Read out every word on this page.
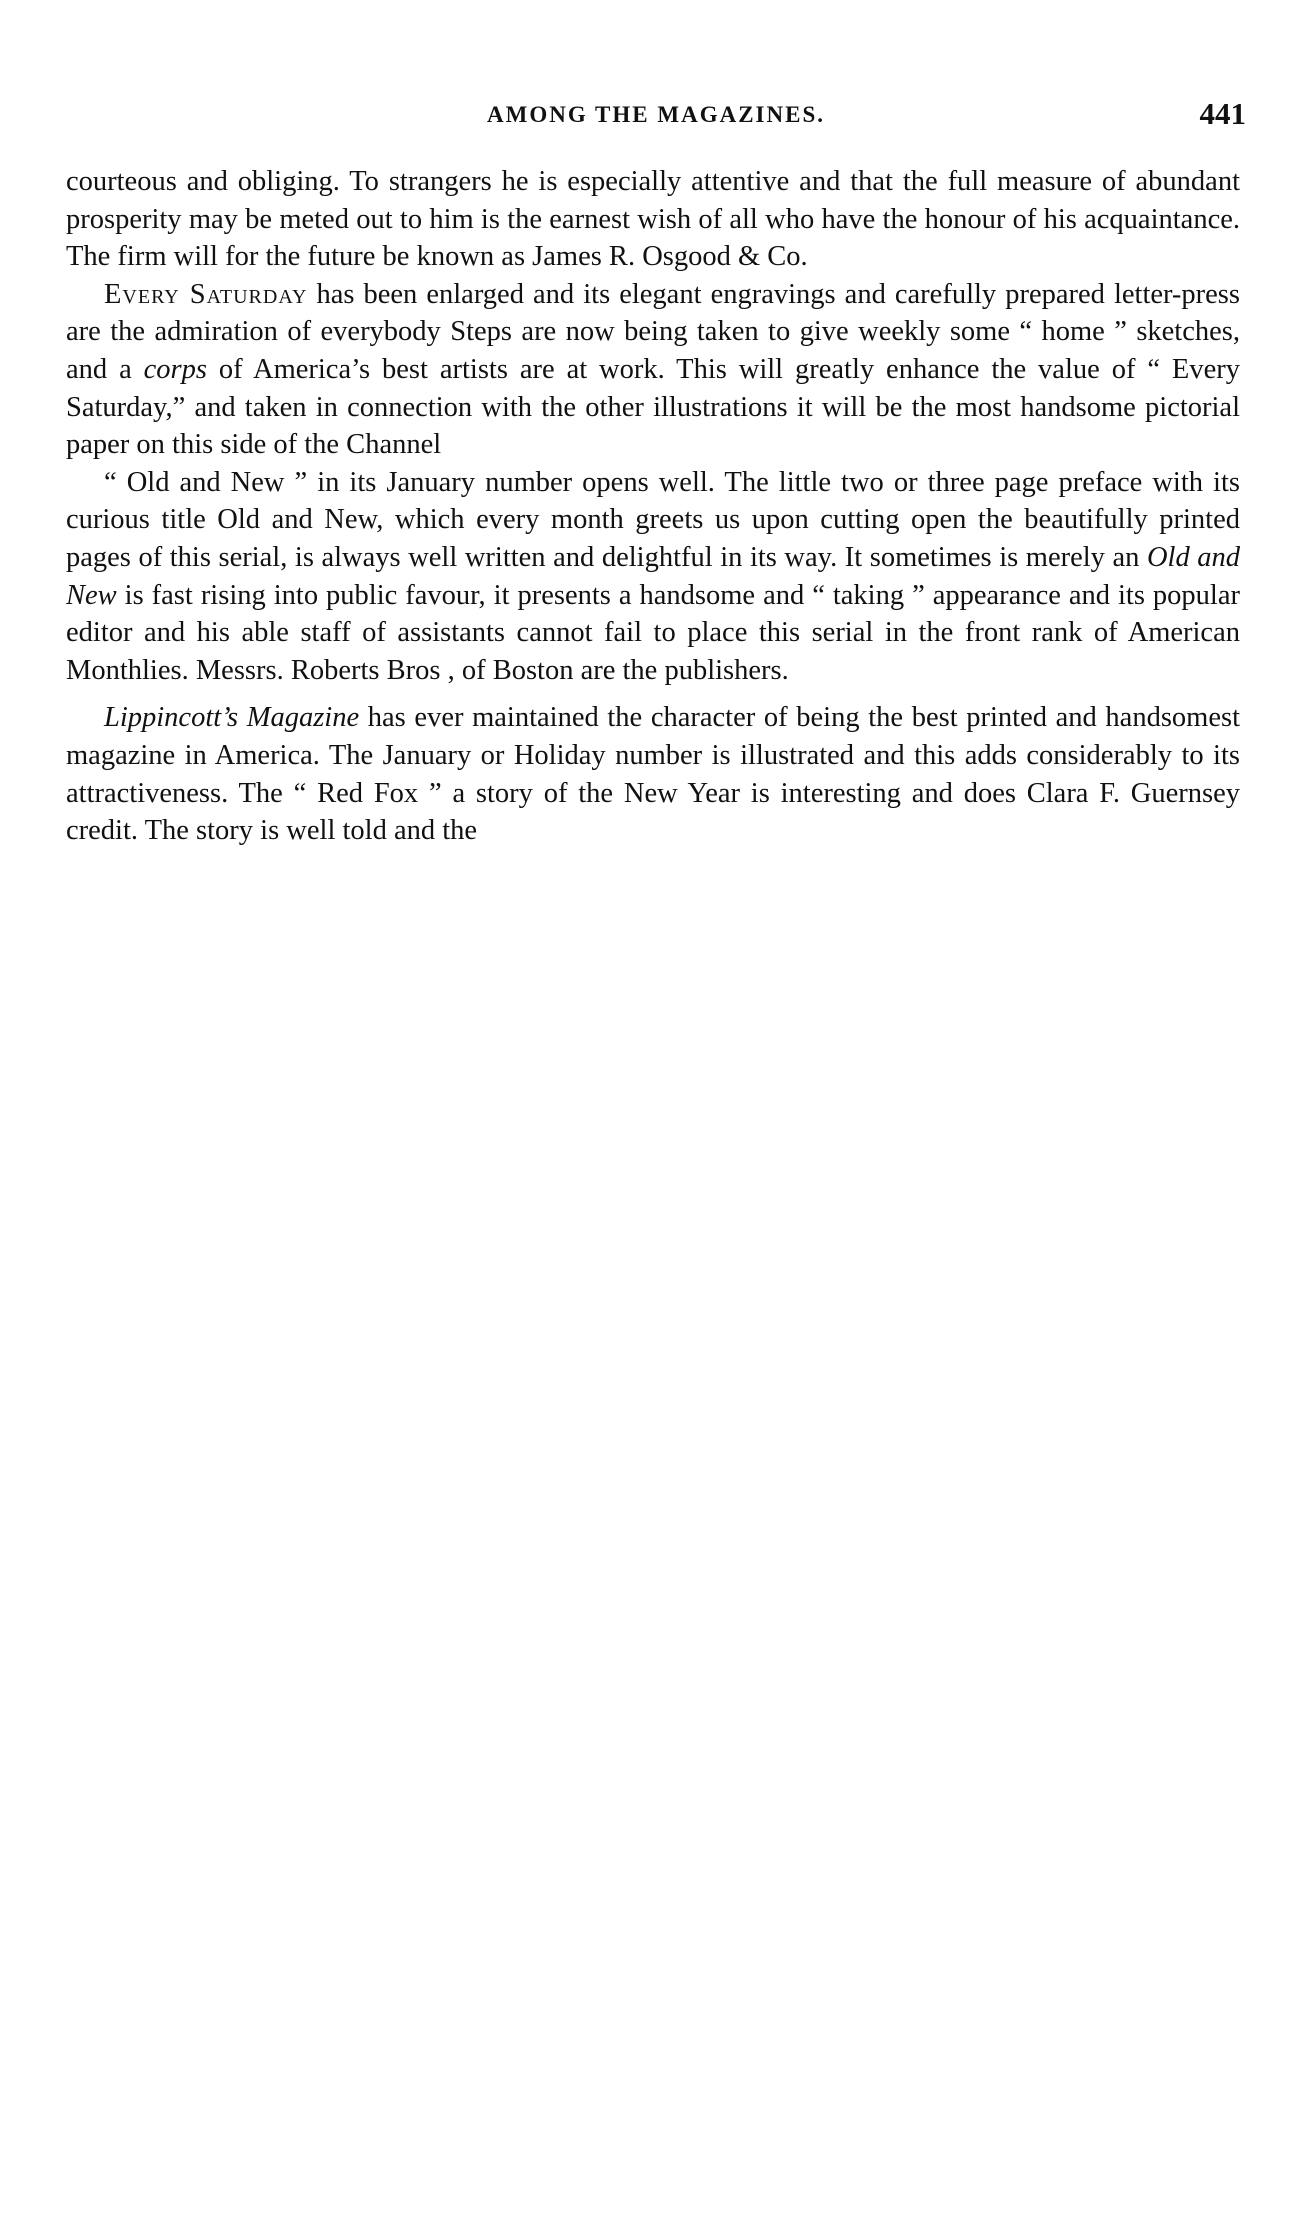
AMONG THE MAGAZINES.	441

courteous and obliging. To strangers he is especially attentive and that the full measure of abundant prosperity may be meted out to him is the earnest wish of all who have the honour of his acquaintance. The firm will for the future be known as James R. Osgood & Co.

Every Saturday has been enlarged and its elegant engravings and carefully prepared letter-press are the admiration of everybody Steps are now being taken to give weekly some “ home ” sketches, and a corps of America’s best artists are at work. This will greatly enhance the value of “ Every Saturday,” and taken in connection with the other illustrations it will be the most handsome pictorial paper on this side of the Channel

“ Old and New ” in its January number opens well. The little two or three page preface with its curious title Old and New, which every month greets us upon cutting open the beautifully printed pages of this serial, is always well written and delightful in its way. It sometimes is merely an Old and New is fast rising into public favour, it presents a handsome and “ taking ” appearance and its popular editor and his able staff of assistants cannot fail to place this serial in the front rank of American Monthlies. Messrs. Roberts Bros , of Boston are the publishers.

Lippincott’s Magazine has ever maintained the character of being the best printed and handsomest magazine in America. The January or Holiday number is illustrated and this adds considerably to its attractiveness. The “ Red Fox ” a story of the New Year is interesting and does Clara F. Guernsey credit. The story is well told and the
